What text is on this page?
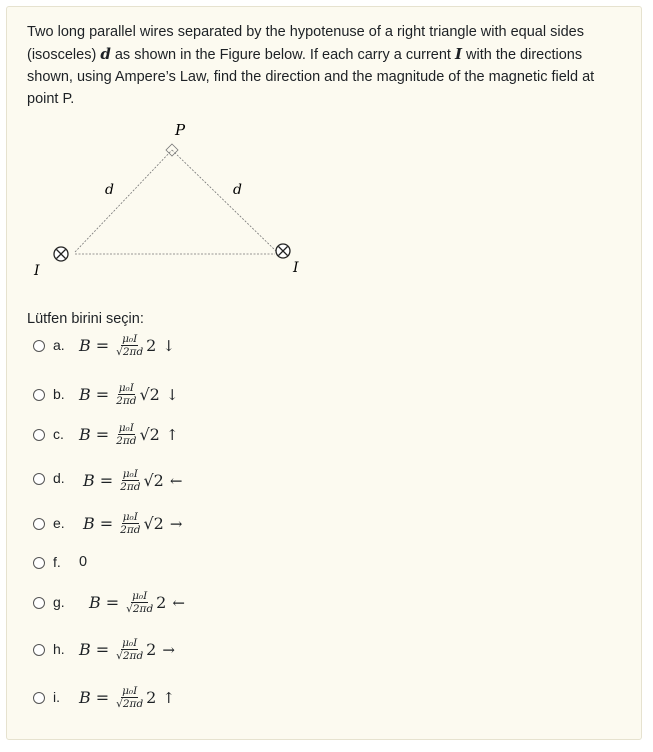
Two long parallel wires separated by the hypotenuse of a right triangle with equal sides (isosceles) d as shown in the Figure below. If each carry a current I with the directions shown, using Ampere’s Law, find the direction and the magnitude of the magnetic field at point P.
P
d	d
I	I
Lütfen birini seçin:
a. $B = \frac{\text{μ₀I}}{√2\pi d} 2$ ↓
b. $B = \frac{\text{μ₀I}}{2\pi d} √2$ ↓
c. $B = \frac{\text{μ₀I}}{2\pi d} √2$ ↑
d. $B = \frac{\text{μ₀I}}{2\pi d} √2$ ←
e. $B = \frac{\text{μ₀I}}{2\pi d} √2$ →
f. 0
g. $B = \frac{\text{μ₀I}}{√2\pi d} 2$ ←
h. $B = \frac{\text{μ₀I}}{√2\pi d} 2$ →
i. $B = \frac{\text{μ₀I}}{√2\pi d} 2$ ↑
